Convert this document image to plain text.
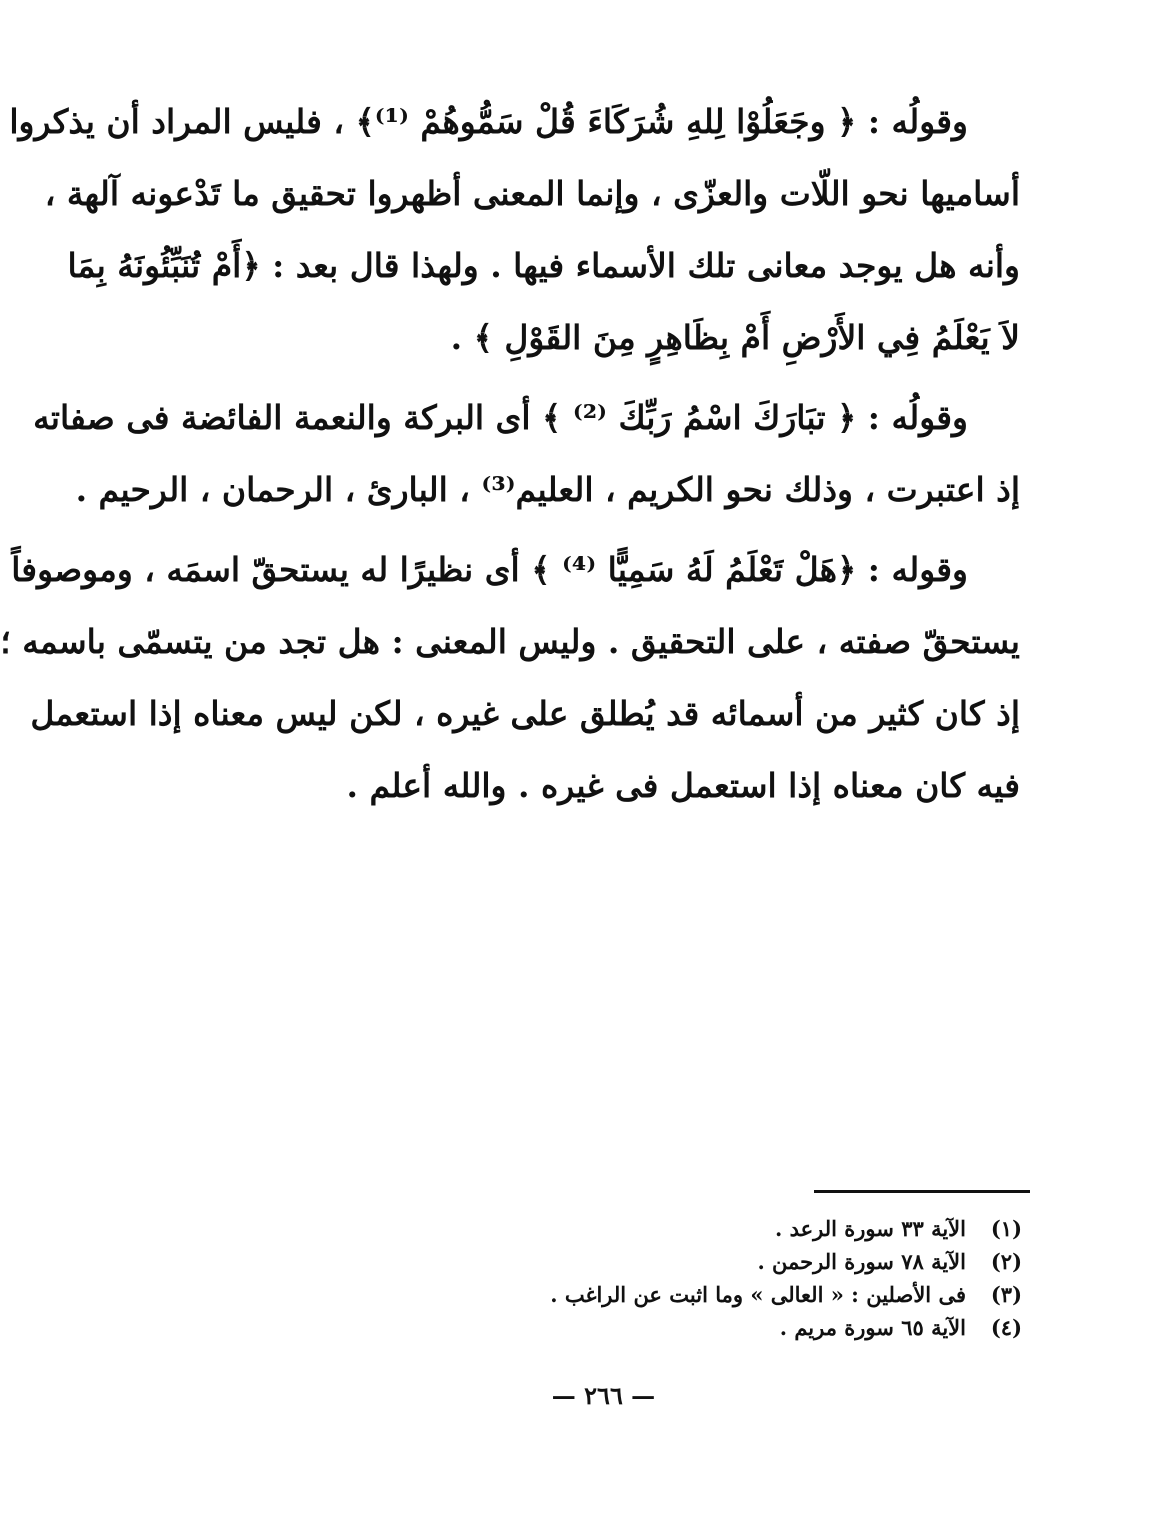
وقولُه : ﴿ وجَعَلُوْا لِلهِ شُرَكَاءَ قُلْ سَمُّوهُمْ ⁽¹⁾﴾ ، فليس المراد أن يذكروا
أساميها نحو اللّات والعزّى ، وإنما المعنى أظهروا تحقيق ما تَدْعونه آلهة ،
وأنه هل يوجد معانى تلك الأسماء فيها . ولهذا قال بعد : ﴿أَمْ تُنَبِّئُونَهُ بِمَا
لاَ يَعْلَمُ فِي الأَرْضِ أَمْ بِظَاهِرٍ مِنَ القَوْلِ ﴾ .
وقولُه : ﴿ تبَارَكَ اسْمُ رَبِّكَ ⁽²⁾ ﴾ أى البركة والنعمة الفائضة فى صفاته
إذ اعتبرت ، وذلك نحو الكريم ، العليم⁽³⁾ ، البارئ ، الرحمان ، الرحيم .
وقوله : ﴿هَلْ تَعْلَمُ لَهُ سَمِيًّا ⁽⁴⁾ ﴾ أى نظيرًا له يستحقّ اسمَه ، وموصوفاً
يستحقّ صفته ، على التحقيق . وليس المعنى : هل تجد من يتسمّى باسمه ؛
إذ كان كثير من أسمائه قد يُطلق على غيره ، لكن ليس معناه إذا استعمل
فيه كان معناه إذا استعمل فى غيره . والله أعلم .
(١)
الآية ٣٣ سورة الرعد .
(٢)
الآية ٧٨ سورة الرحمن .
(٣)
فى الأصلين : « العالى » وما اثبت عن الراغب .
(٤)
الآية ٦٥ سورة مريم .
— ٢٦٦ —
